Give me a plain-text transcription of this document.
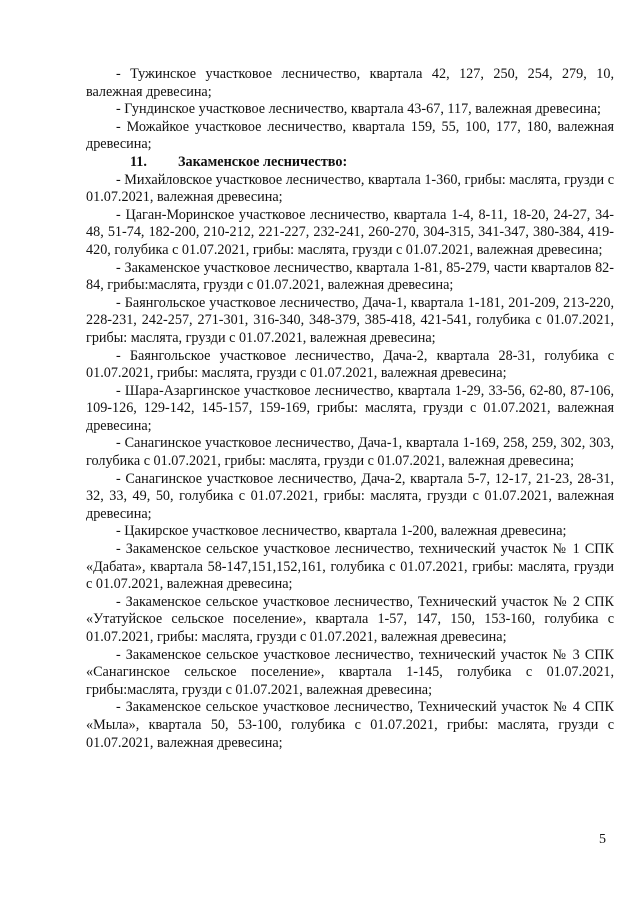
- Тужинское участковое лесничество, квартала 42, 127, 250, 254, 279, 10, валежная древесина;

- Гундинское участковое лесничество, квартала 43-67, 117, валежная древесина;

- Можайкое участковое лесничество, квартала 159, 55, 100, 177, 180, валежная древесина;

11. Закаменское лесничество:

- Михайловское участковое лесничество, квартала 1-360, грибы: маслята, грузди с 01.07.2021, валежная древесина;

- Цаган-Моринское участковое лесничество, квартала 1-4, 8-11, 18-20, 24-27, 34-48, 51-74, 182-200, 210-212, 221-227, 232-241, 260-270, 304-315, 341-347, 380-384, 419-420, голубика с 01.07.2021, грибы: маслята, грузди с 01.07.2021, валежная древесина;

- Закаменское участковое лесничество, квартала 1-81, 85-279, части кварталов 82-84, грибы:маслята, грузди с 01.07.2021, валежная древесина;

- Баянгольское участковое лесничество, Дача-1, квартала 1-181, 201-209, 213-220, 228-231, 242-257, 271-301, 316-340, 348-379, 385-418, 421-541, голубика с 01.07.2021, грибы: маслята, грузди с 01.07.2021, валежная древесина;

- Баянгольское участковое лесничество, Дача-2, квартала 28-31, голубика с 01.07.2021, грибы: маслята, грузди с 01.07.2021, валежная древесина;

- Шара-Азаргинское участковое лесничество, квартала 1-29, 33-56, 62-80, 87-106, 109-126, 129-142, 145-157, 159-169, грибы: маслята, грузди с 01.07.2021, валежная древесина;

- Санагинское участковое лесничество, Дача-1, квартала 1-169, 258, 259, 302, 303, голубика с 01.07.2021, грибы: маслята, грузди с 01.07.2021, валежная древесина;

- Санагинское участковое лесничество, Дача-2, квартала 5-7, 12-17, 21-23, 28-31, 32, 33, 49, 50, голубика с 01.07.2021, грибы: маслята, грузди с 01.07.2021, валежная древесина;

- Цакирское участковое лесничество, квартала 1-200, валежная древесина;

- Закаменское сельское участковое лесничество, технический участок № 1 СПК «Дабата», квартала 58-147,151,152,161, голубика с 01.07.2021, грибы: маслята, грузди с 01.07.2021, валежная древесина;

- Закаменское сельское участковое лесничество, Технический участок № 2 СПК «Утатуйское сельское поселение», квартала 1-57, 147, 150, 153-160, голубика с 01.07.2021, грибы: маслята, грузди с 01.07.2021, валежная древесина;

- Закаменское сельское участковое лесничество, технический участок № 3 СПК «Санагинское сельское поселение», квартала 1-145, голубика с 01.07.2021, грибы:маслята, грузди с 01.07.2021, валежная древесина;

- Закаменское сельское участковое лесничество, Технический участок № 4 СПК «Мыла», квартала 50, 53-100, голубика с 01.07.2021, грибы: маслята, грузди с 01.07.2021, валежная древесина;

5
